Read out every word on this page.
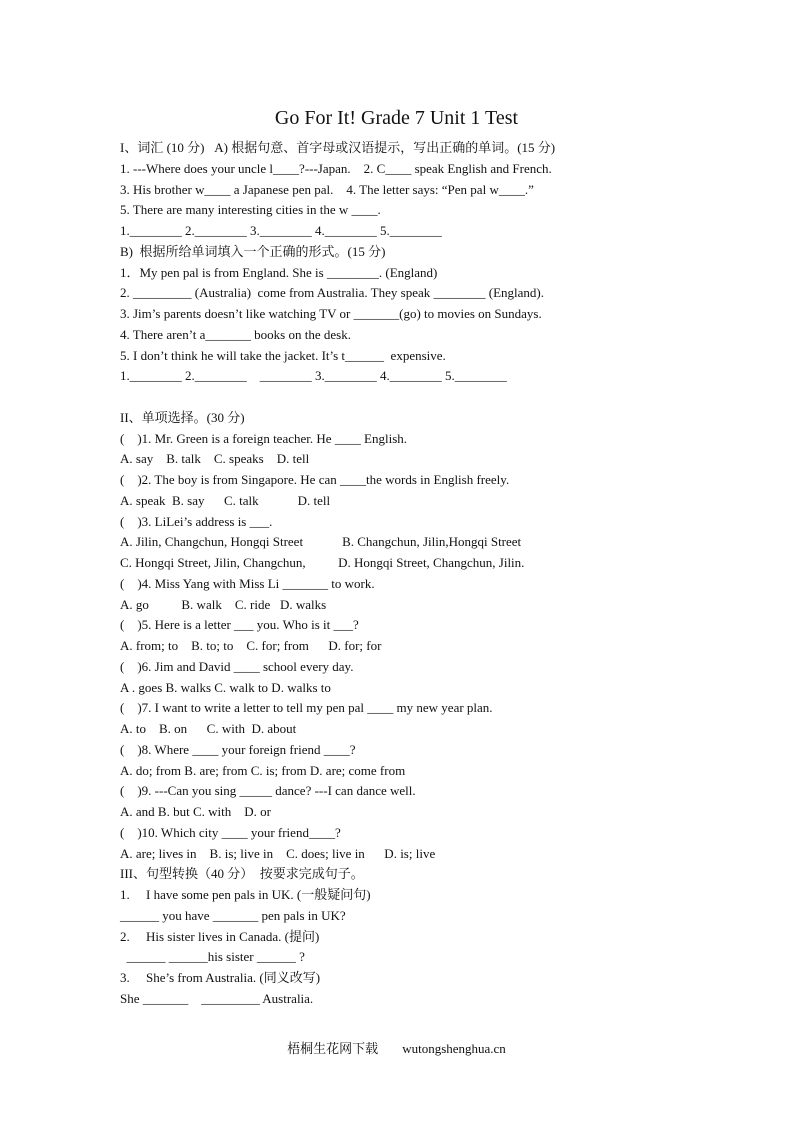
Go For It! Grade 7 Unit 1 Test
I、词汇 (10 分)   A) 根据句意、首字母或汉语提示，写出正确的单词。(15 分)
1. ---Where does your uncle l____?---Japan.    2. C____ speak English and French.
3. His brother w____ a Japanese pen pal.    4. The letter says: “Pen pal w____.”
5. There are many interesting cities in the w ____.
1.________ 2.________ 3.________ 4.________ 5.________
B)  根据所给单词填入一个正确的形式。(15 分)
1．My pen pal is from England. She is ________. (England)
2. _________ (Australia)  come from Australia. They speak ________ (England).
3. Jim’s parents doesn’t like watching TV or _______(go) to movies on Sundays.
4. There aren’t a_______ books on the desk.
5. I don’t think he will take the jacket. It’s t______  expensive.
1.________ 2.________    ________ 3.________ 4.________ 5.________
II、单项选择。(30 分)
(    )1. Mr. Green is a foreign teacher. He ____ English.
A. say    B. talk    C. speaks    D. tell
(    )2. The boy is from Singapore. He can ____the words in English freely.
A. speak  B. say      C. talk            D. tell
(    )3. LiLei’s address is ___.
A. Jilin, Changchun, Hongqi Street            B. Changchun, Jilin,Hongqi Street
C. Hongqi Street, Jilin, Changchun,          D. Hongqi Street, Changchun, Jilin.
(    )4. Miss Yang with Miss Li _______ to work.
A. go          B. walk    C. ride   D. walks
(    )5. Here is a letter ___ you. Who is it ___?
A. from; to    B. to; to    C. for; from      D. for; for
(    )6. Jim and David ____ school every day.
A . goes B. walks C. walk to D. walks to
(    )7. I want to write a letter to tell my pen pal ____ my new year plan.
A. to    B. on      C. with  D. about
(    )8. Where ____ your foreign friend ____?
A. do; from B. are; from C. is; from D. are; come from
(    )9. ---Can you sing _____ dance? ---I can dance well.
A. and B. but C. with    D. or
(    )10. Which city ____ your friend____?
A. are; lives in    B. is; live in    C. does; live in      D. is; live
III、句型转换（40 分）  按要求完成句子。
1.     I have some pen pals in UK. (一般疑问句)
______ you have _______ pen pals in UK?
2.     His sister lives in Canada. (提问)
______ ______his sister ______ ?
3.     She’s from Australia. (同义改写)
She _______    _________ Australia.
梧桐生花网下载 wutongshenghua.cn
